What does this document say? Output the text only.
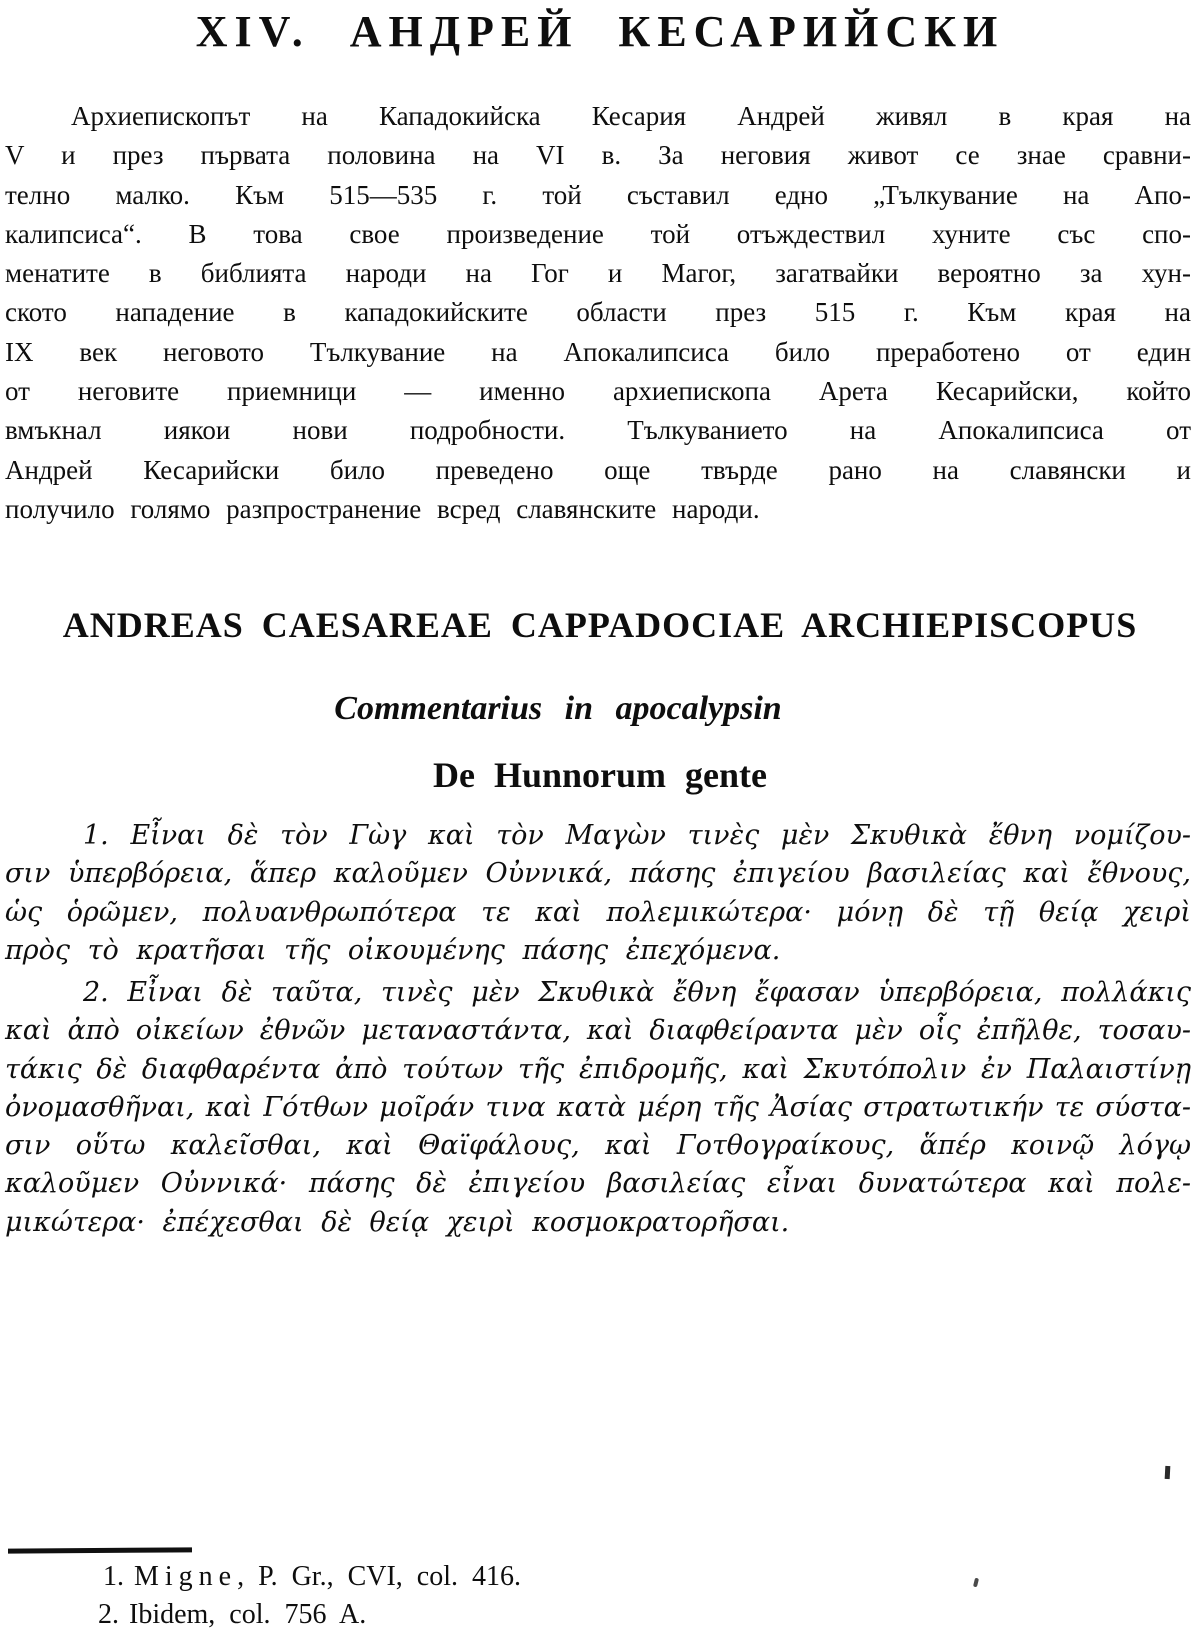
XIV. АНДРЕЙ КЕСАРИЙСКИ
Архиепископът на Кападокийска Кесария Андрей живял в края на
V и през първата половина на VI в. За неговия живот се знае сравни-
телно малко. Към 515—535 г. той съставил едно „Тълкувание на Апо-
калипсиса“. В това свое произведение той отъждествил хуните със спо-
менатите в библията народи на Гог и Магог, загатвайки вероятно за хун-
ското нападение в кападокийските области през 515 г. Към края на
IX век неговото Тълкувание на Апокалипсиса било преработено от един
от неговите приемници — именно архиепископа Арета Кесарийски, който
вмъкнал иякои нови подробности. Тълкуванието на Апокалипсиса от
Андрей Кесарийски било преведено още твърде рано на славянски и
получило голямо разпространение всред славянските народи.
ANDREAS CAESAREAE CAPPADOCIAE ARCHIEPISCOPUS
Commentarius in apocalypsin
De Hunnorum gente
1. Εἶναι δὲ τὸν Γὼγ καὶ τὸν Μαγὼν τινὲς μὲν Σκυθικὰ ἔθνη νομίζου-
σιν ὑπερβόρεια, ἅπερ καλοῦμεν Οὐννικά, πάσης ἐπιγείου βασιλείας καὶ ἔθνους,
ὡς ὁρῶμεν, πολυανθρωπότερα τε καὶ πολεμικώτερα· μόνῃ δὲ τῇ θείᾳ χειρὶ
πρὸς τὸ κρατῆσαι τῆς οἰκουμένης πάσης ἐπεχόμενα.
2. Εἶναι δὲ ταῦτα, τινὲς μὲν Σκυθικὰ ἔθνη ἔφασαν ὑπερβόρεια, πολλάκις
καὶ ἀπὸ οἰκείων ἐθνῶν μεταναστάντα, καὶ διαφθείραντα μὲν οἷς ἐπῆλθε, τοσαυ-
τάκις δὲ διαφθαρέντα ἀπὸ τούτων τῆς ἐπιδρομῆς, καὶ Σκυτόπολιν ἐν Παλαιστίνῃ
ὀνομασθῆναι, καὶ Γότθων μοῖράν τινα κατὰ μέρη τῆς Ἀσίας στρατωτικήν τε σύστα-
σιν οὕτω καλεῖσθαι, καὶ Θαϊφάλους, καὶ Γοτθογραίκους, ἅπέρ κοινῷ λόγῳ
καλοῦμεν Οὐννικά· πάσης δὲ ἐπιγείου βασιλείας εἶναι δυνατώτερα καὶ πολε-
μικώτερα· ἐπέχεσθαι δὲ θείᾳ χειρὶ κοσμοκρατορῆσαι.
1. Migne, P. Gr., CVI, col. 416.
2. Ibidem, col. 756 A.
